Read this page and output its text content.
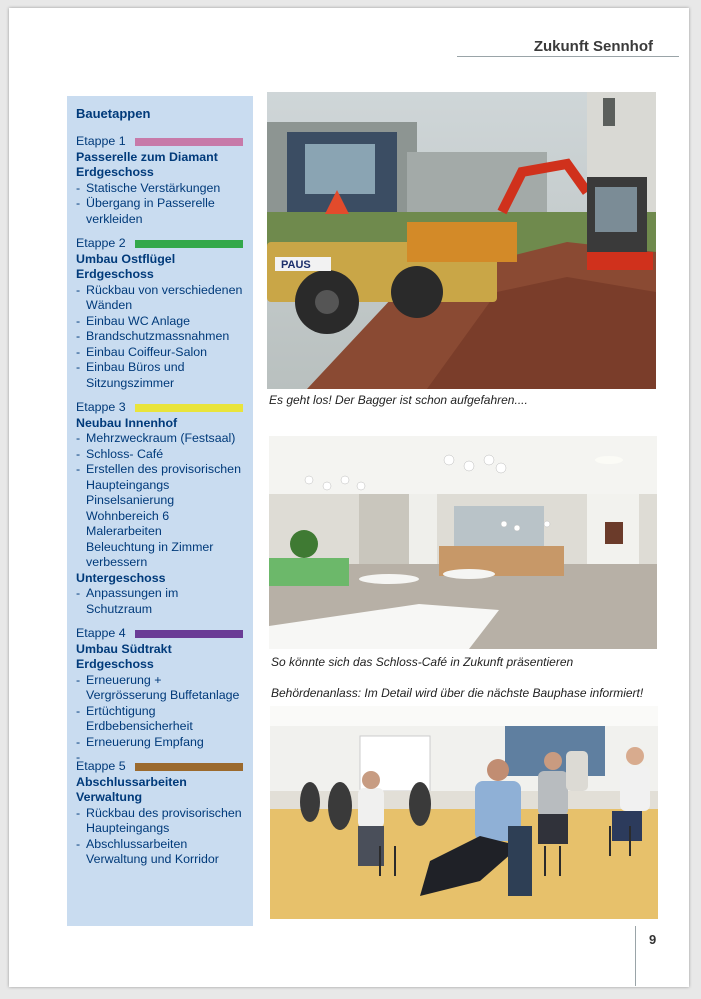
Zukunft Sennhof
Bauetappen
Etappe 1
Passerelle zum Diamant Erdgeschoss
- Statische Verstärkungen
- Übergang in Passerelle verkleiden
Etappe 2
Umbau Ostflügel Erdgeschoss
- Rückbau von verschiedenen Wänden
- Einbau WC Anlage
- Brandschutzmassnahmen
- Einbau Coiffeur-Salon
- Einbau Büros und Sitzungszimmer
Etappe 3
Neubau Innenhof
- Mehrzweckraum (Festsaal)
- Schloss- Café
- Erstellen des provisorischen Haupteingangs
Pinselsanierung Wohnbereich 6
Malerarbeiten
Beleuchtung in Zimmer verbessern
Untergeschoss
- Anpassungen im Schutzraum
Etappe 4
Umbau Südtrakt Erdgeschoss
- Erneuerung + Vergrösserung Buffetanlage
- Ertüchtigung Erdbebensicherheit
- Erneuerung Empfang
Etappe 5
Abschlussarbeiten Verwaltung
- Rückbau des provisorischen Haupteingangs
- Abschlussarbeiten Verwaltung und Korridor
PAUS
Es geht los! Der Bagger ist schon aufgefahren....
So könnte sich das Schloss-Café in Zukunft präsentieren
Behördenanlass: Im Detail wird über die nächste Bauphase informiert!
9
